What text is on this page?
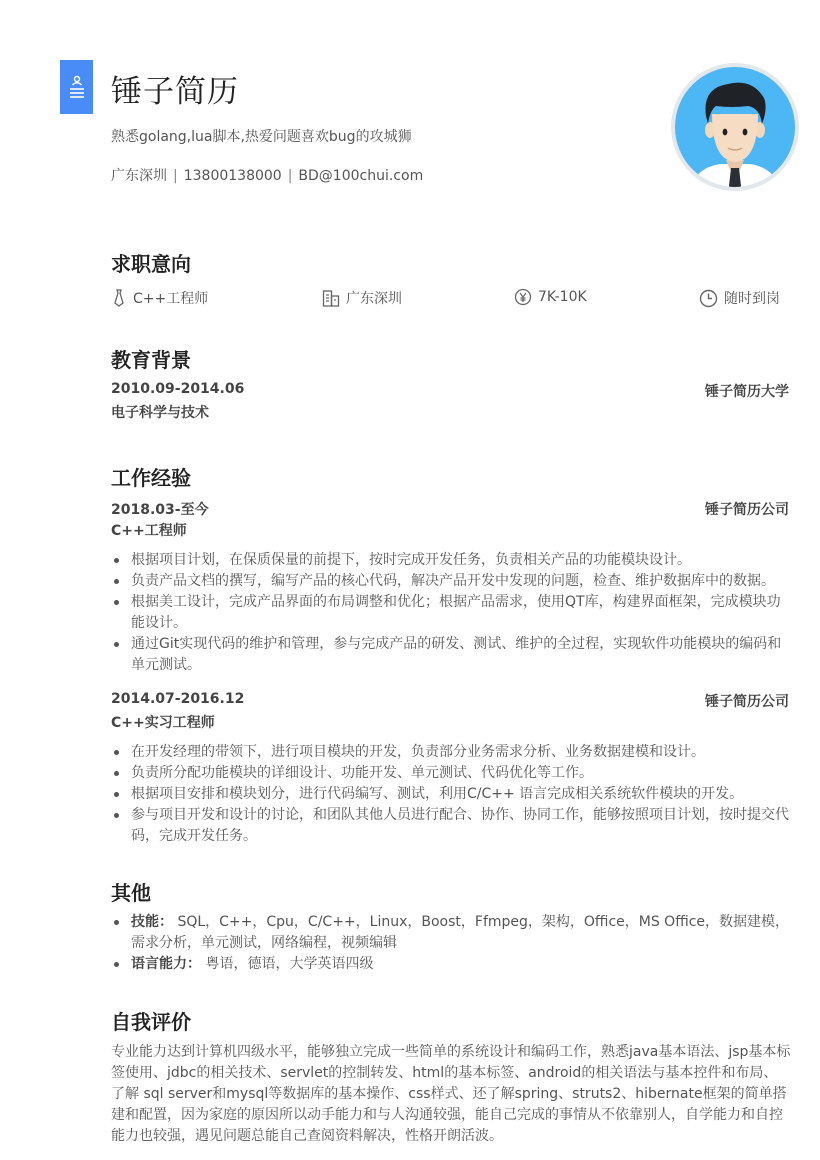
锤子简历
熟悉golang,lua脚本,热爱问题喜欢bug的攻城狮
广东深圳 | 13800138000 | BD@100chui.com
求职意向
C++工程师	广东深圳	7K-10K	随时到岗
教育背景
2010.09-2014.06	锤子简历大学
电子科学与技术
工作经验
2018.03-至今	锤子简历公司
C++工程师
根据项目计划，在保质保量的前提下，按时完成开发任务，负责相关产品的功能模块设计。
负责产品文档的撰写，编写产品的核心代码，解决产品开发中发现的问题，检查、维护数据库中的数据。
根据美工设计，完成产品界面的布局调整和优化；根据产品需求，使用QT库，构建界面框架，完成模块功能设计。
通过Git实现代码的维护和管理，参与完成产品的研发、测试、维护的全过程，实现软件功能模块的编码和单元测试。
2014.07-2016.12	锤子简历公司
C++实习工程师
在开发经理的带领下，进行项目模块的开发，负责部分业务需求分析、业务数据建模和设计。
负责所分配功能模块的详细设计、功能开发、单元测试、代码优化等工作。
根据项目安排和模块划分，进行代码编写、测试，利用C/C++ 语言完成相关系统软件模块的开发。
参与项目开发和设计的讨论，和团队其他人员进行配合、协作、协同工作，能够按照项目计划，按时提交代码，完成开发任务。
其他
技能： SQL，C++，Cpu，C/C++，Linux，Boost，Ffmpeg，架构，Office，MS Office，数据建模，需求分析，单元测试，网络编程，视频编辑
语言能力： 粤语，德语，大学英语四级
自我评价

专业能力达到计算机四级水平，能够独立完成一些简单的系统设计和编码工作，熟悉java基本语法、jsp基本标签使用、jdbc的相关技术、servlet的控制转发、html的基本标签、android的相关语法与基本控件和布局、了解 sql server和mysql等数据库的基本操作、css样式、还了解spring、struts2、hibernate框架的简单搭建和配置，因为家庭的原因所以动手能力和与人沟通较强，能自己完成的事情从不依靠别人，自学能力和自控能力也较强，遇见问题总能自己查阅资料解决，性格开朗活波。
